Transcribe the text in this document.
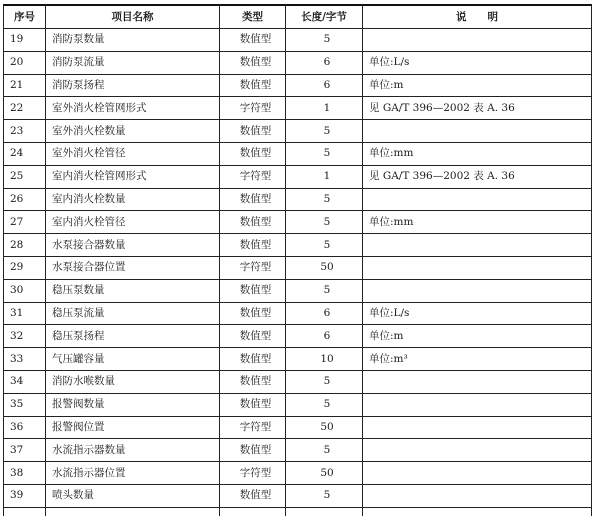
序号	项目名称	类型	长度/字节	说　　明
19	消防泵数量	数值型	5	
20	消防泵流量	数值型	6	单位:L/s
21	消防泵扬程	数值型	6	单位:m
22	室外消火栓管网形式	字符型	1	见 GA/T 396—2002 表 A. 36
23	室外消火栓数量	数值型	5	
24	室外消火栓管径	数值型	5	单位:mm
25	室内消火栓管网形式	字符型	1	见 GA/T 396—2002 表 A. 36
26	室内消火栓数量	数值型	5	
27	室内消火栓管径	数值型	5	单位:mm
28	水泵接合器数量	数值型	5	
29	水泵接合器位置	字符型	50	
30	稳压泵数量	数值型	5	
31	稳压泵流量	数值型	6	单位:L/s
32	稳压泵扬程	数值型	6	单位:m
33	气压罐容量	数值型	10	单位:m³
34	消防水喉数量	数值型	5	
35	报警阀数量	数值型	5	
36	报警阀位置	字符型	50	
37	水流指示器数量	数值型	5	
38	水流指示器位置	字符型	50	
39	喷头数量	数值型	5	
